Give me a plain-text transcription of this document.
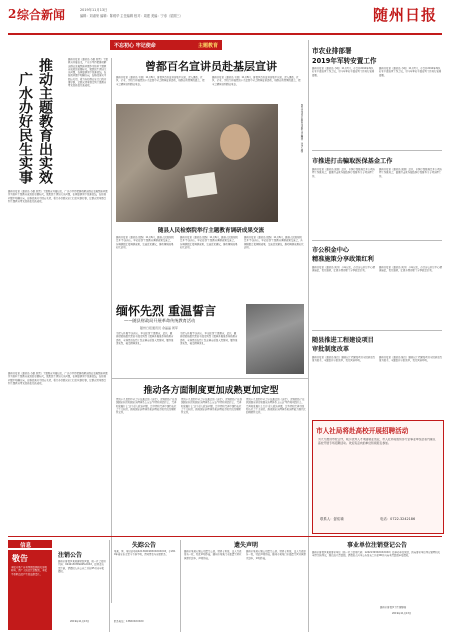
2 综合新闻	2019年11月13日
编辑：刘淑荣 编辑：陈炳华 主任编辑 校对：周建 美编：宁寿（星期三）	随州日报
不忘初心 牢记使命	主题教育
推动主题教育出实效
广水办好民生实事
随州日报讯（通讯员 李勤 徐雷）主题教育开展以来，广水市坚持把推动解决群众急难愁盼问题作为检验主题教育成效的重要标尺，聚焦民生领域突出问题，在调查研究中找准症结，在检视问题中明确方向，在整改落实中回应关切，着力办好群众家门口的实事好事，让群众切身感受到主题教育带来的新变化新成效。
随州日报讯（通讯员 李勤 徐雷）主题教育开展以来，广水市坚持把推动解决群众急难愁盼问题作为检验主题教育成效的重要标尺，聚焦民生领域突出问题，在调查研究中找准症结，在检视问题中明确方向，在整改落实中回应关切，着力办好群众家门口的实事好事，让群众切身感受到主题教育带来的新变化新成效。
随州日报讯（通讯员 李勤 徐雷）主题教育开展以来，广水市坚持把推动解决群众急难愁盼问题作为检验主题教育成效的重要标尺，聚焦民生领域突出问题，在调查研究中找准症结，在检视问题中明确方向，在整改落实中回应关切，着力办好群众家门口的实事好事，让群众切身感受到主题教育带来的新变化新成效。
曾都百名宣讲员赴基层宣讲
随州日报讯（通讯员 王丽）11月8日，曾都区百名宣讲员集中出发，深入镇街、社区、企业、学校等开展党的十九届四中全会精神宣讲活动，用群众听得懂的语言，把全会精神送到群众身边。
随州日报讯（通讯员 王丽）11月8日，曾都区百名宣讲员集中出发，深入镇街、社区、企业、学校等开展党的十九届四中全会精神宣讲活动，用群众听得懂的语言，把全会精神送到群众身边。
图为宣讲员向群众讲解全会精神（张记 摄）
随县人民检察院举行主题教育调研成果交流
随州日报讯（通讯员 胡静）11月6日，随县人民检察院召开'不忘初心、牢记使命'主题教育调研成果交流会，各调研组汇报调研成果，交流意见建议，推动调研成果转化运用。
随州日报讯（通讯员 胡静）11月6日，随县人民检察院召开'不忘初心、牢记使命'主题教育调研成果交流会，各调研组汇报调研成果，交流意见建议，推动调研成果转化运用。
随州日报讯（通讯员 胡静）11月6日，随县人民检察院召开'不忘初心、牢记使命'主题教育调研成果交流会，各调研组汇报调研成果，交流意见建议，推动调研成果转化运用。
缅怀先烈 重温誓言
——随县财政局开展革命传统教育活动
随州日报通讯员 余晶晶 周军
为深入开展'不忘初心、牢记使命'主题教育，近日，随县财政局组织党员干部来到烈士陵园开展革命传统教育活动，全体党员在烈士纪念碑前重温入党誓词，缅怀革命先烈，接受精神洗礼。
为深入开展'不忘初心、牢记使命'主题教育，近日，随县财政局组织党员干部来到烈士陵园开展革命传统教育活动，全体党员在烈士纪念碑前重温入党誓词，缅怀革命先烈，接受精神洗礼。
推动各方面制度更加成熟更加定型
党的十九届四中全会审议通过的《决定》，深刻回答了在我国国家制度和国家治理体系上应该'坚持和巩固什么、完善和发展什么'这个重大政治问题，是坚持和完善中国特色社会主义制度、推进国家治理体系和治理能力现代化的纲领性文件。
党的十九届四中全会审议通过的《决定》，深刻回答了在我国国家制度和国家治理体系上应该'坚持和巩固什么、完善和发展什么'这个重大政治问题，是坚持和完善中国特色社会主义制度、推进国家治理体系和治理能力现代化的纲领性文件。
党的十九届四中全会审议通过的《决定》，深刻回答了在我国国家制度和国家治理体系上应该'坚持和巩固什么、完善和发展什么'这个重大政治问题，是坚持和完善中国特色社会主义制度、推进国家治理体系和治理能力现代化的纲领性文件。
市农业排部署
2019年军转安置工作
随州日报讯（通讯员 李明）11月7日，市召开2019年军队转业干部安置工作会议，对今年军转干部安置工作进行安排部署。
随州日报讯（通讯员 李明）11月7日，市召开2019年军队转业干部安置工作会议，对今年军转干部安置工作进行安排部署。
市推进打击骗取医保基金工作
随州日报讯（通讯员 张丽）近日，市医疗保障局召开专项治理工作推进会，部署打击欺诈骗取医疗保障基金专项治理工作。
随州日报讯（通讯员 张丽）近日，市医疗保障局召开专项治理工作推进会，部署打击欺诈骗取医疗保障基金专项治理工作。
市公积金中心
精准施策分享政策红利
随州日报讯（通讯员 刘洋）今年以来，市住房公积金中心精准施策，优化服务，让更多缴存职工分享政策红利。
随州日报讯（通讯员 刘洋）今年以来，市住房公积金中心精准施策，优化服务，让更多缴存职工分享政策红利。
随县推进工程建设项目
审批制度改革
随州日报讯（通讯员 陈红）随县以工程建设项目审批制度改革为抓手，全面提升审批效率，优化营商环境。
随州日报讯（通讯员 陈红）随县以工程建设项目审批制度改革为抓手，全面提升审批效率，优化营商环境。
市人社局将赴高校开展招聘活动
为大力推进市校合作，吸引优秀人才来随就业创业，市人社局将组织部分企事业单位赴省内重点高校开展专场招聘活动。欢迎有意向的单位积极报名参加。
联系人：晏佑瑜	电话：0722-3242186
信息
敬告
本报分类广告刊登须提供相关证明材料，请广大读者注意甄别，本报不承担由此产生的法律责任。
注销公告
随州市曾都区某某建材经营部，统一社会信用代码：92421303MA4ELXXXX，经营者决定注销，请债权人自公告之日起45日内申报债权。
2019年11月13日
失踪公告
某某，男，身份证号码4213021965XXXXXXXX，于2019年离家出走至今下落不明，请知情者与家属联系。
联系电话：138XXXXXXXX
遗失声明
随州市某某有限公司遗失公章、财务专用章、法人代表章各一枚，特此声明作废。随州市某某门市部遗失营业执照正副本，声明作废。
随州市某某有限公司遗失公章、财务专用章、法人代表章各一枚，特此声明作废。随州市某某门市部遗失营业执照正副本，声明作废。
事业单位注销登记公告
随州市曾都区某某事业单位（统一社会信用代码：12421303XXXXXXXX）经举办单位同意，拟向事业单位登记管理机关申请注销登记，现已成立清算组。请债权人自本公告发布之日起90日内向本清算组申报债权。
随州市曾都区卫生健康局
2019年11月13日
